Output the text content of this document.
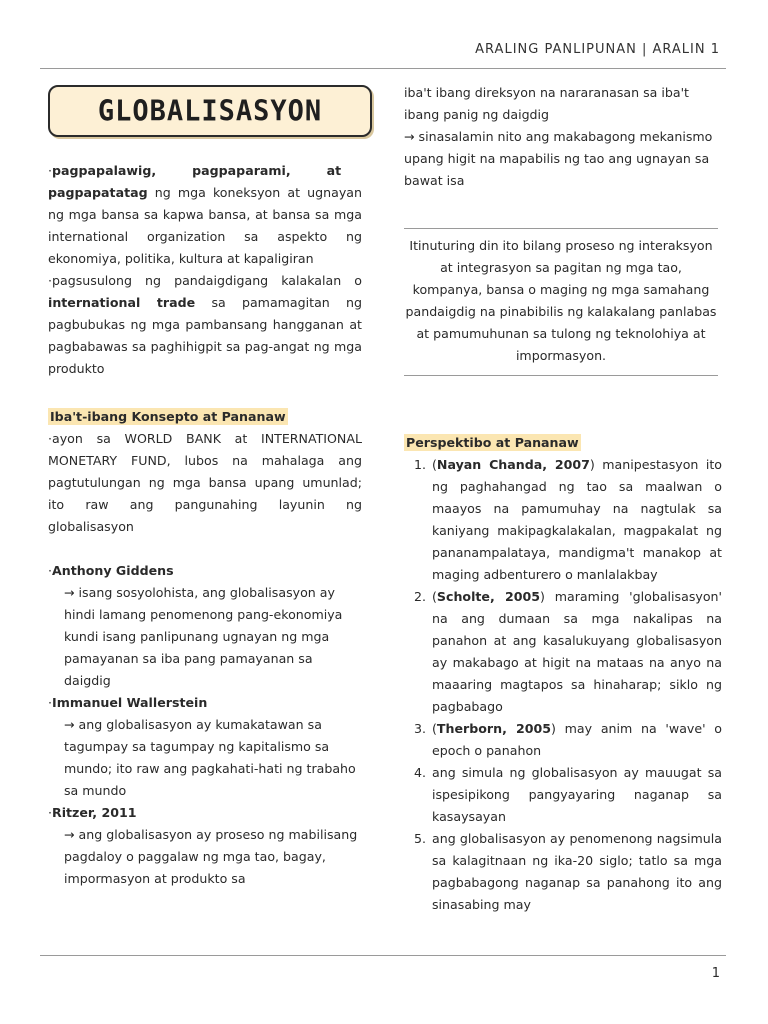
ARALING PANLIPUNAN | ARALIN 1
GLOBALISASYON

·pagpapalawig,	pagpaparami,	at pagpapatatag ng mga koneksyon at ugnayan ng mga bansa sa kapwa bansa, at bansa sa mga international organization sa aspekto ng ekonomiya, politika, kultura at kapaligiran

·pagsusulong ng pandaigdigang kalakalan o international trade sa pamamagitan ng pagbubukas ng mga pambansang hangganan at pagbabawas sa paghihigpit sa pag-angat ng mga produkto

Iba't-ibang Konsepto at Pananaw

·ayon sa WORLD BANK at INTERNATIONAL MONETARY FUND, lubos na mahalaga ang pagtutulungan ng mga bansa upang umunlad; ito raw ang pangunahing layunin ng globalisasyon

·Anthony Giddens

→ isang sosyolohista, ang globalisasyon ay hindi lamang penomenong pang-ekonomiya kundi isang panlipunang ugnayan ng mga pamayanan sa iba pang pamayanan sa daigdig

·Immanuel Wallerstein

→ ang globalisasyon ay kumakatawan sa tagumpay sa tagumpay ng kapitalismo sa mundo; ito raw ang pagkahati-hati ng trabaho sa mundo

·Ritzer, 2011

→ ang globalisasyon ay proseso ng mabilisang pagdaloy o paggalaw ng mga tao, bagay, impormasyon at produkto sa

iba't ibang direksyon na nararanasan sa iba't ibang panig ng daigdig

→ sinasalamin nito ang makabagong mekanismo upang higit na mapabilis ng tao ang ugnayan sa bawat isa

Itinuturing din ito bilang proseso ng interaksyon at integrasyon sa pagitan ng mga tao, kompanya, bansa o maging ng mga samahang pandaigdig na pinabibilis ng kalakalang panlabas at pamumuhunan sa tulong ng teknolohiya at impormasyon.

Perspektibo at Pananaw

1. (Nayan Chanda, 2007) manipestasyon ito ng paghahangad ng tao sa maalwan o maayos na pamumuhay na nagtulak sa kaniyang makipagkalakalan, magpakalat ng pananampalataya, mandigma't manakop at maging adbenturero o manlalakbay
2. (Scholte, 2005) maraming 'globalisasyon' na ang dumaan sa mga nakalipas na panahon at ang kasalukuyang globalisasyon ay makabago at higit na mataas na anyo na maaaring magtapos sa hinaharap; siklo ng pagbabago
3. (Therborn, 2005) may anim na 'wave' o epoch o panahon
4. ang simula ng globalisasyon ay mauugat sa ispesipikong pangyayaring naganap sa kasaysayan
5. ang globalisasyon ay penomenong nagsimula sa kalagitnaan ng ika-20 siglo; tatlo sa mga pagbabagong naganap sa panahong ito ang sinasabing may
1
